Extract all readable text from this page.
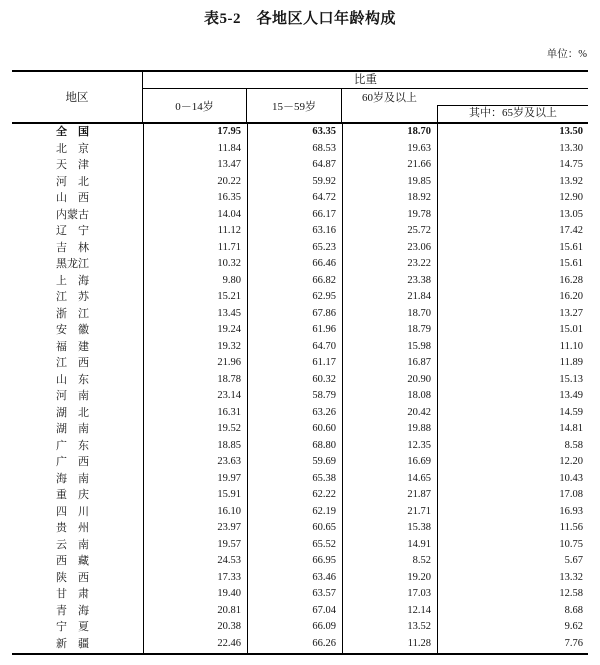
表5-2　各地区人口年龄构成
单位：%
地区
比重
0－14岁	15－59岁
60岁及以上
其中：65岁及以上
全　国	17.95	63.35	18.70	13.50
北　京	11.84	68.53	19.63	13.30
天　津	13.47	64.87	21.66	14.75
河　北	20.22	59.92	19.85	13.92
山　西	16.35	64.72	18.92	12.90
内蒙古	14.04	66.17	19.78	13.05
辽　宁	11.12	63.16	25.72	17.42
吉　林	11.71	65.23	23.06	15.61
黑龙江	10.32	66.46	23.22	15.61
上　海	9.80	66.82	23.38	16.28
江　苏	15.21	62.95	21.84	16.20
浙　江	13.45	67.86	18.70	13.27
安　徽	19.24	61.96	18.79	15.01
福　建	19.32	64.70	15.98	11.10
江　西	21.96	61.17	16.87	11.89
山　东	18.78	60.32	20.90	15.13
河　南	23.14	58.79	18.08	13.49
湖　北	16.31	63.26	20.42	14.59
湖　南	19.52	60.60	19.88	14.81
广　东	18.85	68.80	12.35	8.58
广　西	23.63	59.69	16.69	12.20
海　南	19.97	65.38	14.65	10.43
重　庆	15.91	62.22	21.87	17.08
四　川	16.10	62.19	21.71	16.93
贵　州	23.97	60.65	15.38	11.56
云　南	19.57	65.52	14.91	10.75
西　藏	24.53	66.95	8.52	5.67
陕　西	17.33	63.46	19.20	13.32
甘　肃	19.40	63.57	17.03	12.58
青　海	20.81	67.04	12.14	8.68
宁　夏	20.38	66.09	13.52	9.62
新　疆	22.46	66.26	11.28	7.76
